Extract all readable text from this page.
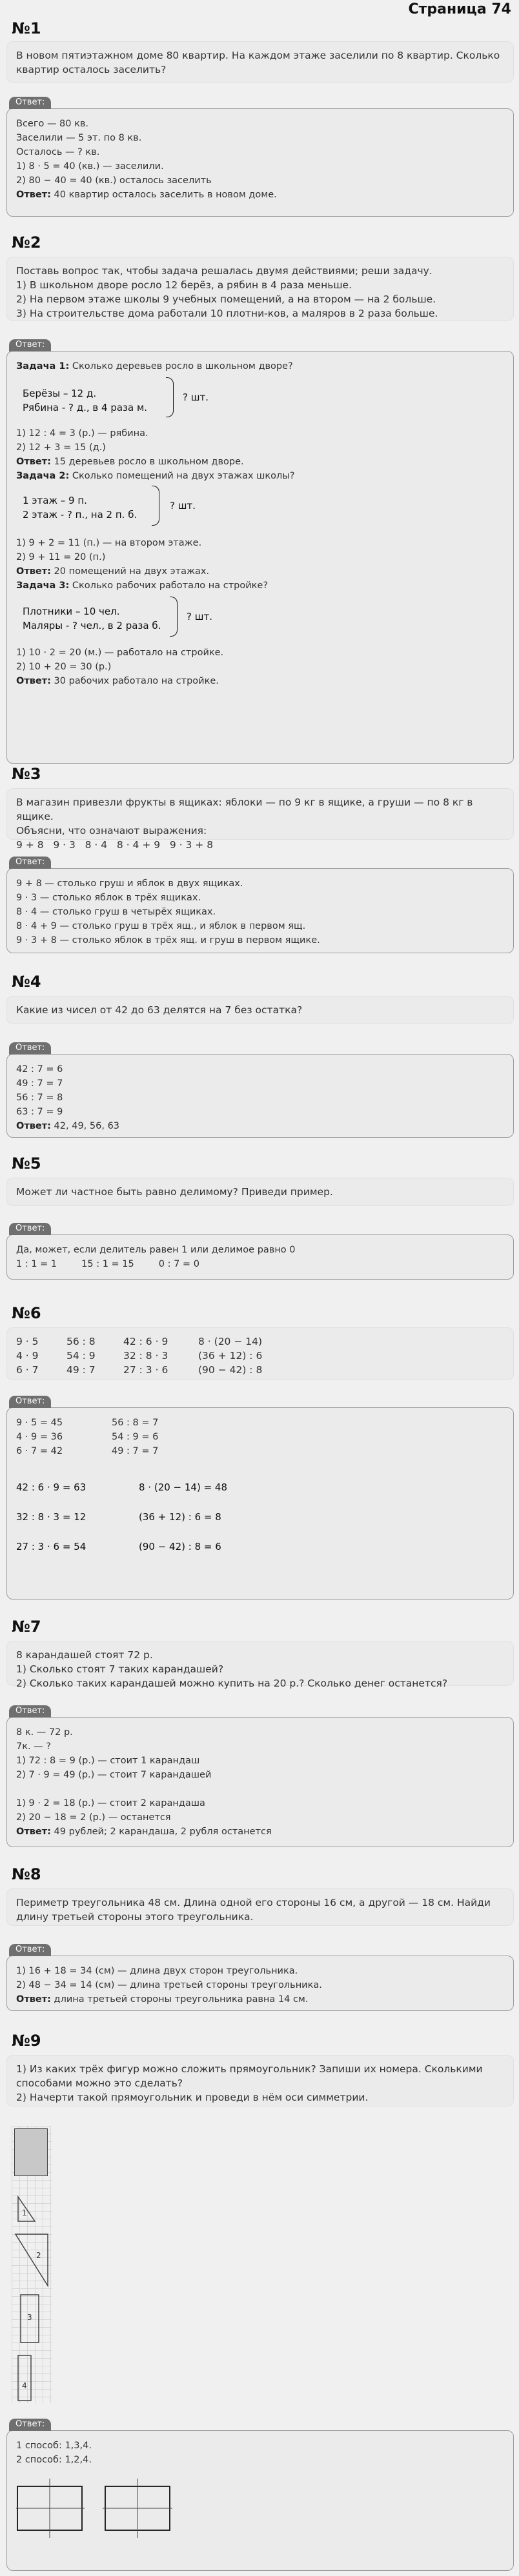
Страница 74
№1

В новом пятиэтажном доме 80 квартир. На каждом этаже заселили по 8 квартир. Сколько квартир осталось заселить?

Ответ:

Всего — 80 кв.

Заселили — 5 эт. по 8 кв.

Осталось — ? кв.

1) 8 · 5 = 40 (кв.) — заселили.

2) 80 − 40 = 40 (кв.) осталось заселить

Ответ: 40 квартир осталось заселить в новом доме.

№2

Поставь вопрос так, чтобы задача решалась двумя действиями; реши задачу.

1) В школьном дворе росло 12 берёз, а рябин в 4 раза меньше.

2) На первом этаже школы 9 учебных помещений, а на втором — на 2 больше.

3) На строительстве дома работали 10 плотни-ков, а маляров в 2 раза больше.

Ответ:

Задача 1: Сколько деревьев росло в школьном дворе?

Берёзы – 12 д.
Рябина - ? д., в 4 раза м.
? шт.

1) 12 : 4 = 3 (р.) — рябина.

2) 12 + 3 = 15 (д.)

Ответ: 15 деревьев росло в школьном дворе.

Задача 2: Сколько помещений на двух этажах школы?

1 этаж – 9 п.
2 этаж - ? п., на 2 п. б.
? шт.

1) 9 + 2 = 11 (п.) — на втором этаже.

2) 9 + 11 = 20 (п.)

Ответ: 20 помещений на двух этажах.

Задача 3: Сколько рабочих работало на стройке?

Плотники – 10 чел.
Маляры - ? чел., в 2 раза б.
? шт.

1) 10 · 2 = 20 (м.) — работало на стройке.

2) 10 + 20 = 30 (р.)

Ответ: 30 рабочих работало на стройке.

№3

В магазин привезли фрукты в ящиках: яблоки — по 9 кг в ящике, а груши — по 8 кг в ящике.

Объясни, что означают выражения:

9 + 8   9 · 3   8 · 4   8 · 4 + 9   9 · 3 + 8

Ответ:

9 + 8 — столько груш и яблок в двух ящиках.

9 · 3 — столько яблок в трёх ящиках.

8 · 4 — столько груш в четырёх ящиках.

8 · 4 + 9 — столько груш в трёх ящ., и яблок в первом ящ.

9 · 3 + 8 — столько яблок в трёх ящ. и груш в первом ящике.

№4

Какие из чисел от 42 до 63 делятся на 7 без остатка?

Ответ:

42 : 7 = 6

49 : 7 = 7

56 : 7 = 8

63 : 7 = 9

Ответ: 42, 49, 56, 63

№5

Может ли частное быть равно делимому? Приведи пример.

Ответ:

Да, может, если делитель равен 1 или делимое равно 0

1 : 1 = 1	15 : 1 = 15	0 : 7 = 0

№6

9 · 5

4 · 9

6 · 7

56 : 8

54 : 9

49 : 7

42 : 6 · 9

32 : 8 · 3

27 : 3 · 6

8 · (20 − 14)

(36 + 12) : 6

(90 − 42) : 8

Ответ:

9 · 5 = 45

4 · 9 = 36

6 · 7 = 42

56 : 8 = 7

54 : 9 = 6

49 : 7 = 7

42 : 6 · 9 = 63

32 : 8 · 3 = 12

27 : 3 · 6 = 54

8 · (20 − 14) = 48

(36 + 12) : 6 = 8

(90 − 42) : 8 = 6

№7

8 карандашей стоят 72 р.

1) Сколько стоят 7 таких карандашей?

2) Сколько таких карандашей можно купить на 20 р.? Сколько денег останется?

Ответ:

8 к. — 72 р.

7к. — ?

1) 72 : 8 = 9 (р.) — стоит 1 карандаш

2) 7 · 9 = 49 (р.) — стоит 7 карандашей

1) 9 · 2 = 18 (р.) — стоит 2 карандаша

2) 20 − 18 = 2 (р.) — останется

Ответ: 49 рублей; 2 карандаша, 2 рубля останется

№8

Периметр треугольника 48 см. Длина одной его стороны 16 см, а другой — 18 см. Найди длину третьей стороны этого треугольника.

Ответ:

1) 16 + 18 = 34 (см) — длина двух сторон треугольника.

2) 48 − 34 = 14 (см) — длина третьей стороны треугольника.

Ответ: длина третьей стороны треугольника равна 14 см.

№9

1) Из каких трёх фигур можно сложить прямоугольник? Запиши их номера. Сколькими способами можно это сделать?

2) Начерти такой прямоугольник и проведи в нём оси симметрии.

1
2
3
4
Ответ:

1 способ: 1,3,4.

2 способ: 1,2,4.
